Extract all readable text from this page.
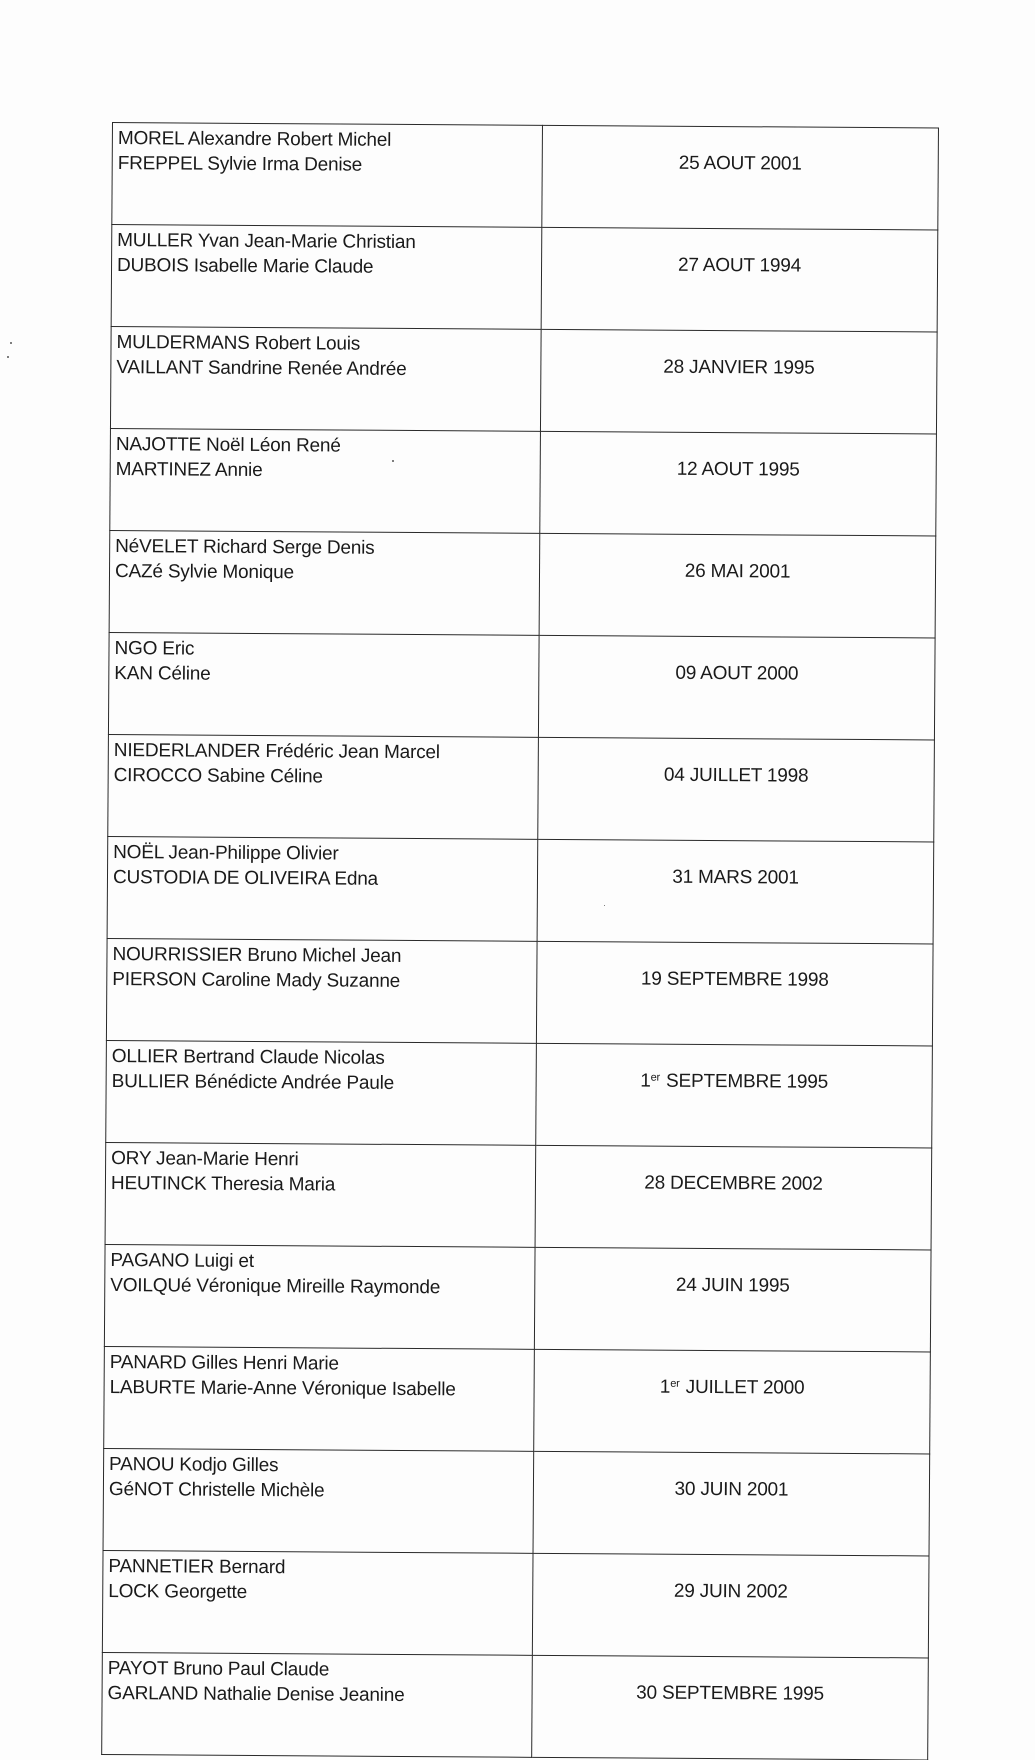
MOREL Alexandre Robert Michel
FREPPEL Sylvie Irma Denise	25 AOUT 2001

MULLER Yvan Jean-Marie Christian
DUBOIS Isabelle Marie Claude	27 AOUT 1994

MULDERMANS Robert Louis
VAILLANT Sandrine Renée Andrée	28 JANVIER 1995

NAJOTTE Noël Léon René
MARTINEZ Annie	12 AOUT 1995

NéVELET Richard Serge Denis
CAZé Sylvie Monique	26 MAI 2001

NGO Eric
KAN Céline	09 AOUT 2000

NIEDERLANDER Frédéric Jean Marcel
CIROCCO Sabine Céline	04 JUILLET 1998

NOËL Jean-Philippe Olivier
CUSTODIA DE OLIVEIRA Edna	31 MARS 2001

NOURRISSIER Bruno Michel Jean
PIERSON Caroline Mady Suzanne	19 SEPTEMBRE 1998

OLLIER Bertrand Claude Nicolas
BULLIER Bénédicte Andrée Paule	1er SEPTEMBRE 1995

ORY Jean-Marie Henri
HEUTINCK Theresia Maria	28 DECEMBRE 2002

PAGANO Luigi et
VOILQUé Véronique Mireille Raymonde	24 JUIN 1995

PANARD Gilles Henri Marie
LABURTE Marie-Anne Véronique Isabelle	1er JUILLET 2000

PANOU Kodjo Gilles
GéNOT Christelle Michèle	30 JUIN 2001

PANNETIER Bernard
LOCK Georgette	29 JUIN 2002

PAYOT Bruno Paul Claude
GARLAND Nathalie Denise Jeanine	30 SEPTEMBRE 1995
